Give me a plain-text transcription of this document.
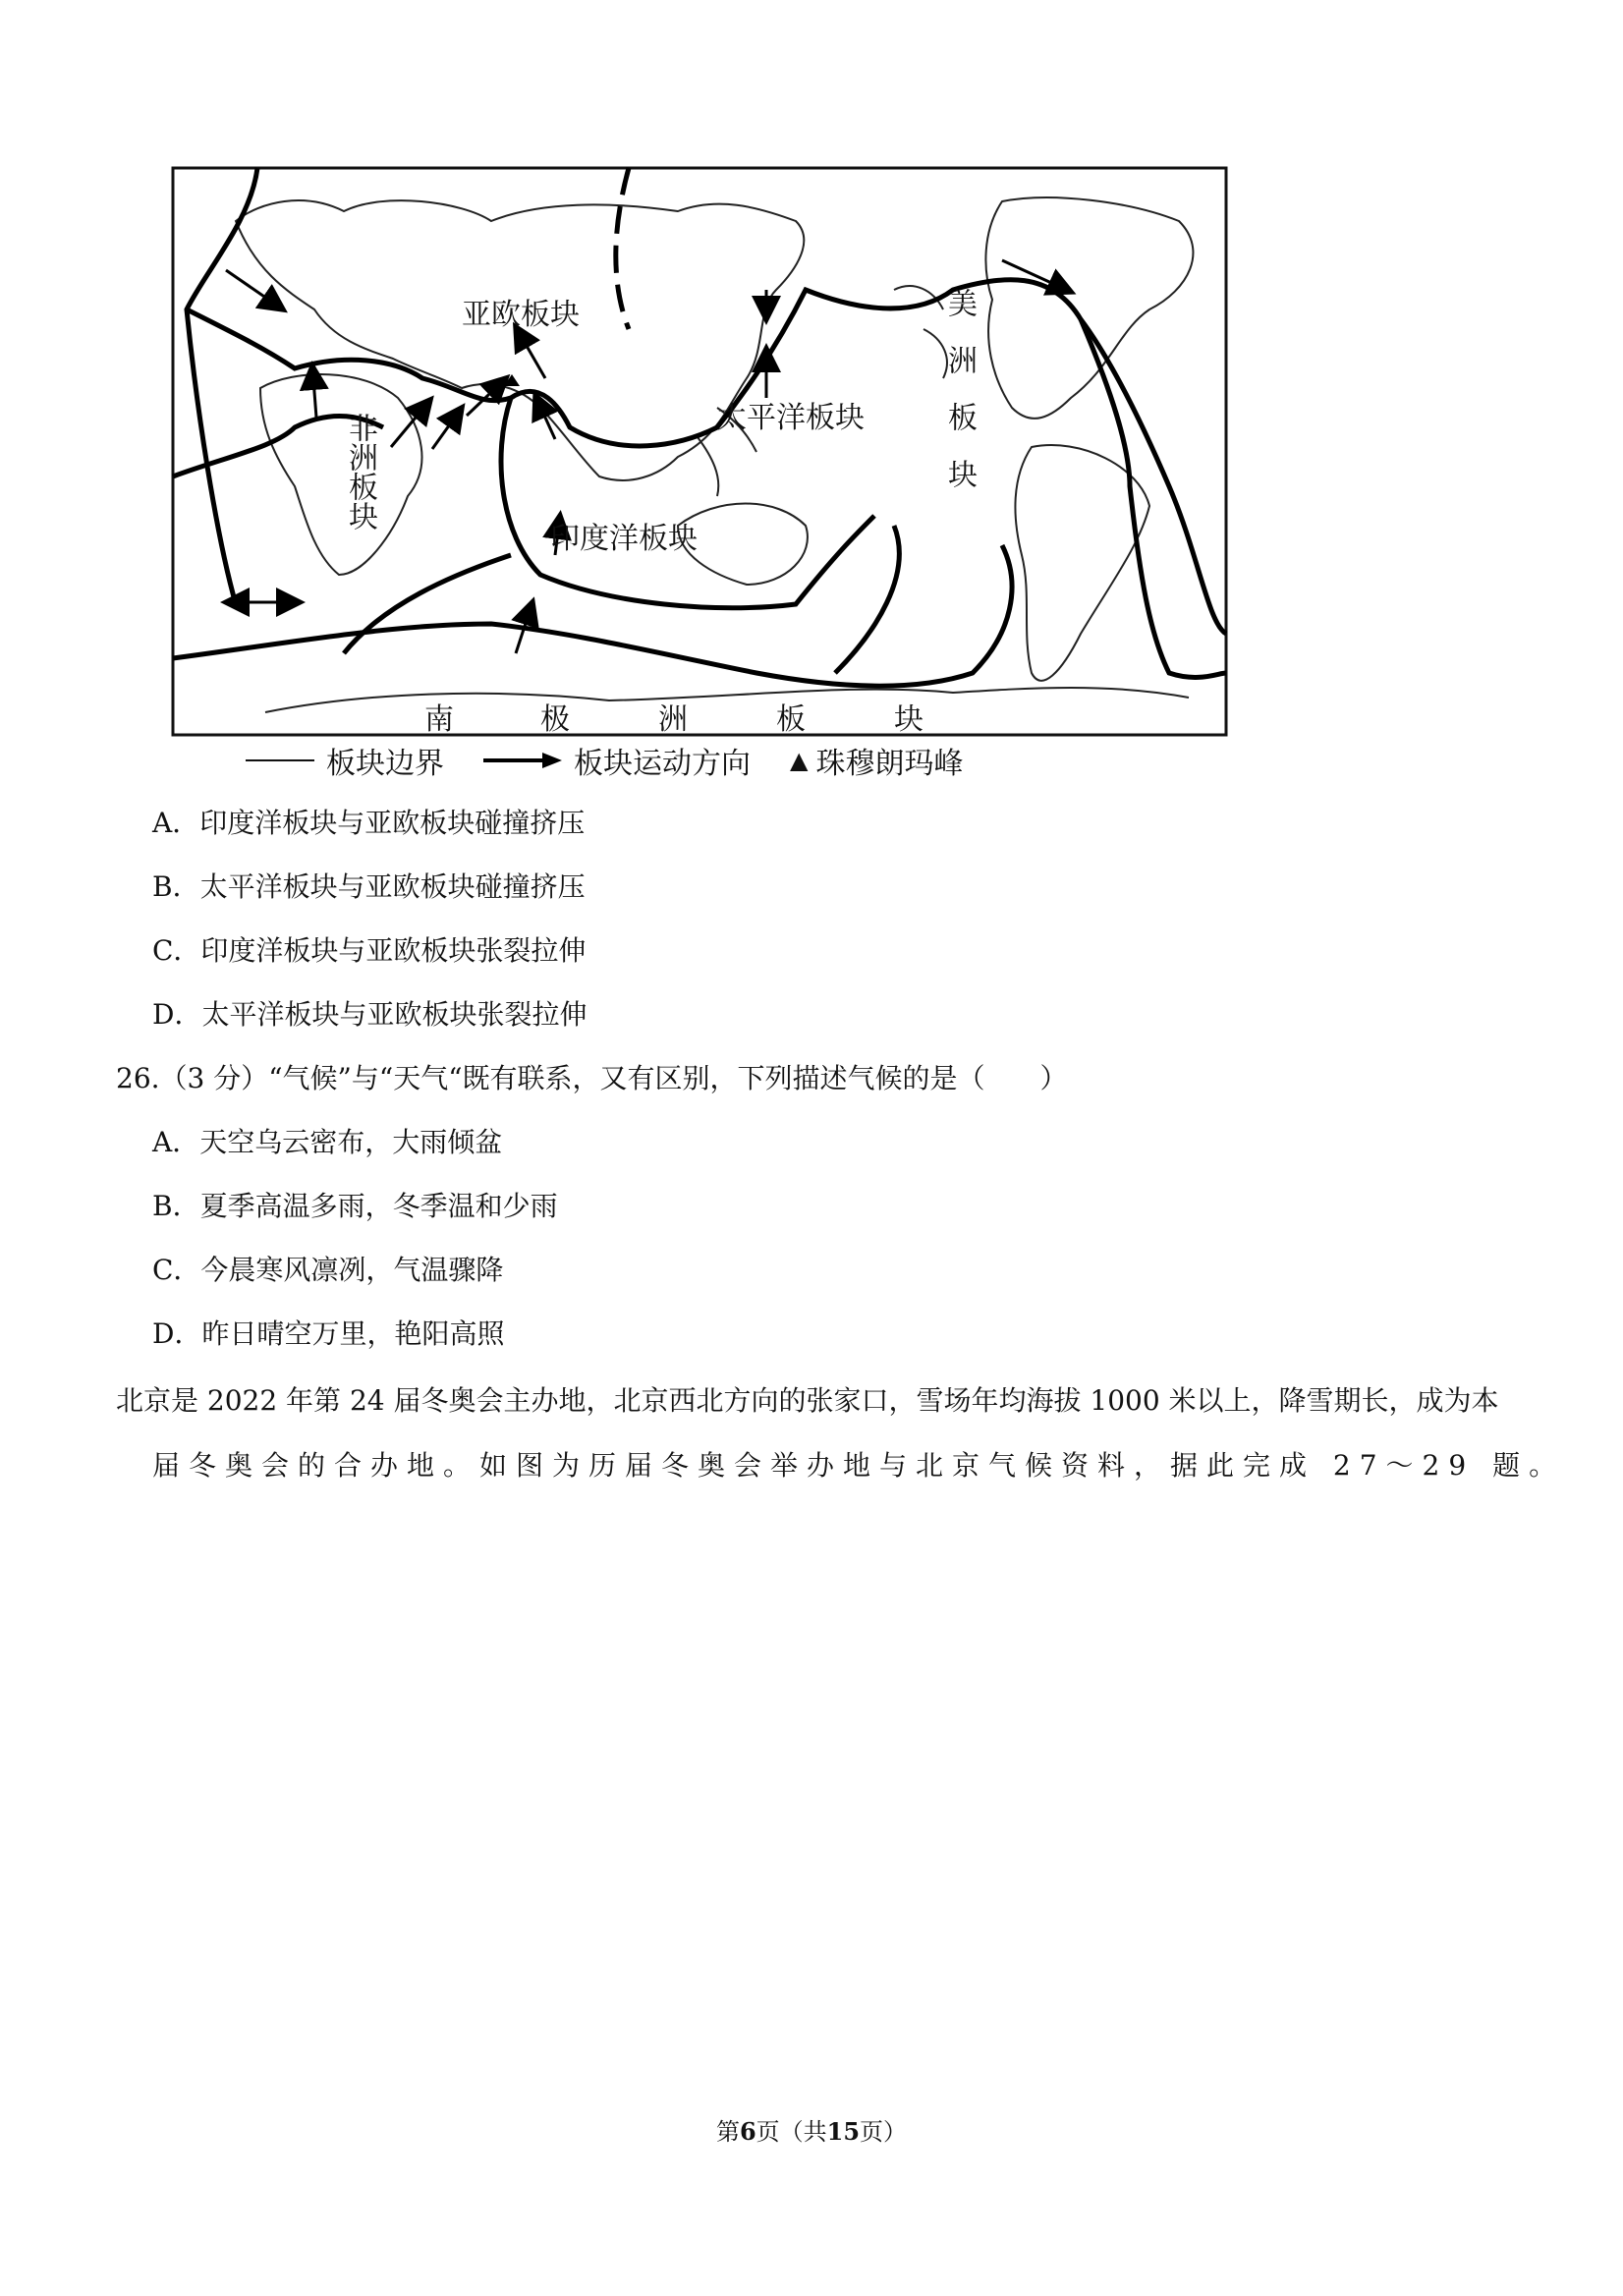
亚欧板块
太平洋板块
印度洋板块
非洲板块	美洲板块
南	极	洲	板	块
板块边界	板块运动方向 ▲ 珠穆朗玛峰
A．印度洋板块与亚欧板块碰撞挤压
B．太平洋板块与亚欧板块碰撞挤压
C．印度洋板块与亚欧板块张裂拉伸
D．太平洋板块与亚欧板块张裂拉伸
26.（3 分）“气候”与“天气“既有联系，又有区别，下列描述气候的是（　　）
A．天空乌云密布，大雨倾盆
B．夏季高温多雨，冬季温和少雨
C．今晨寒风凛冽，气温骤降
D．昨日晴空万里，艳阳高照
北京是 2022 年第 24 届冬奥会主办地，北京西北方向的张家口，雪场年均海拔 1000 米以上，降雪期长，成为本
届冬奥会的合办地。如图为历届冬奥会举办地与北京气候资料，据此完成 27～29 题。
第6页（共15页）
